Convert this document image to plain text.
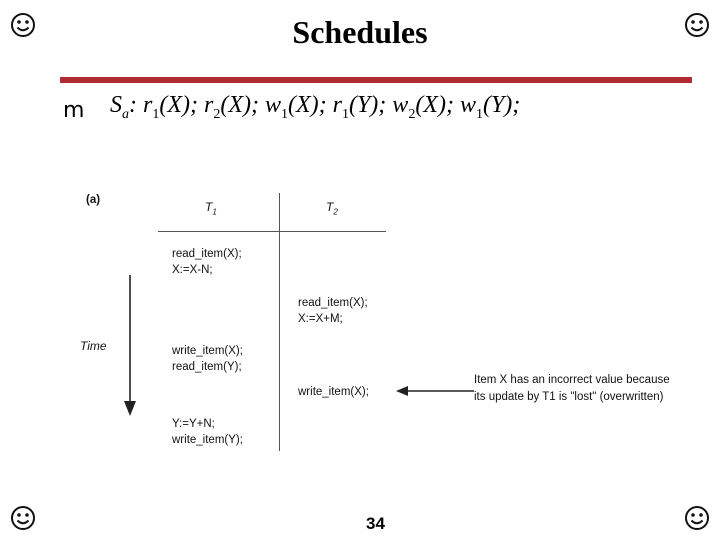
Schedules
m $S_a$: $r_1(X)$; $r_2(X)$; $w_1(X)$; $r_1(Y)$; $w_2(X)$; $w_1(Y)$;
(a)	$T_1$	$T_2$
Time
read_item(X);
X:=X-N;
write_item(X);
read_item(Y);
Y:=Y+N;
write_item(Y);
read_item(X);
X:=X+M;
write_item(X);
Item X has an incorrect value because
its update by T1 is "lost" (overwritten)
34
